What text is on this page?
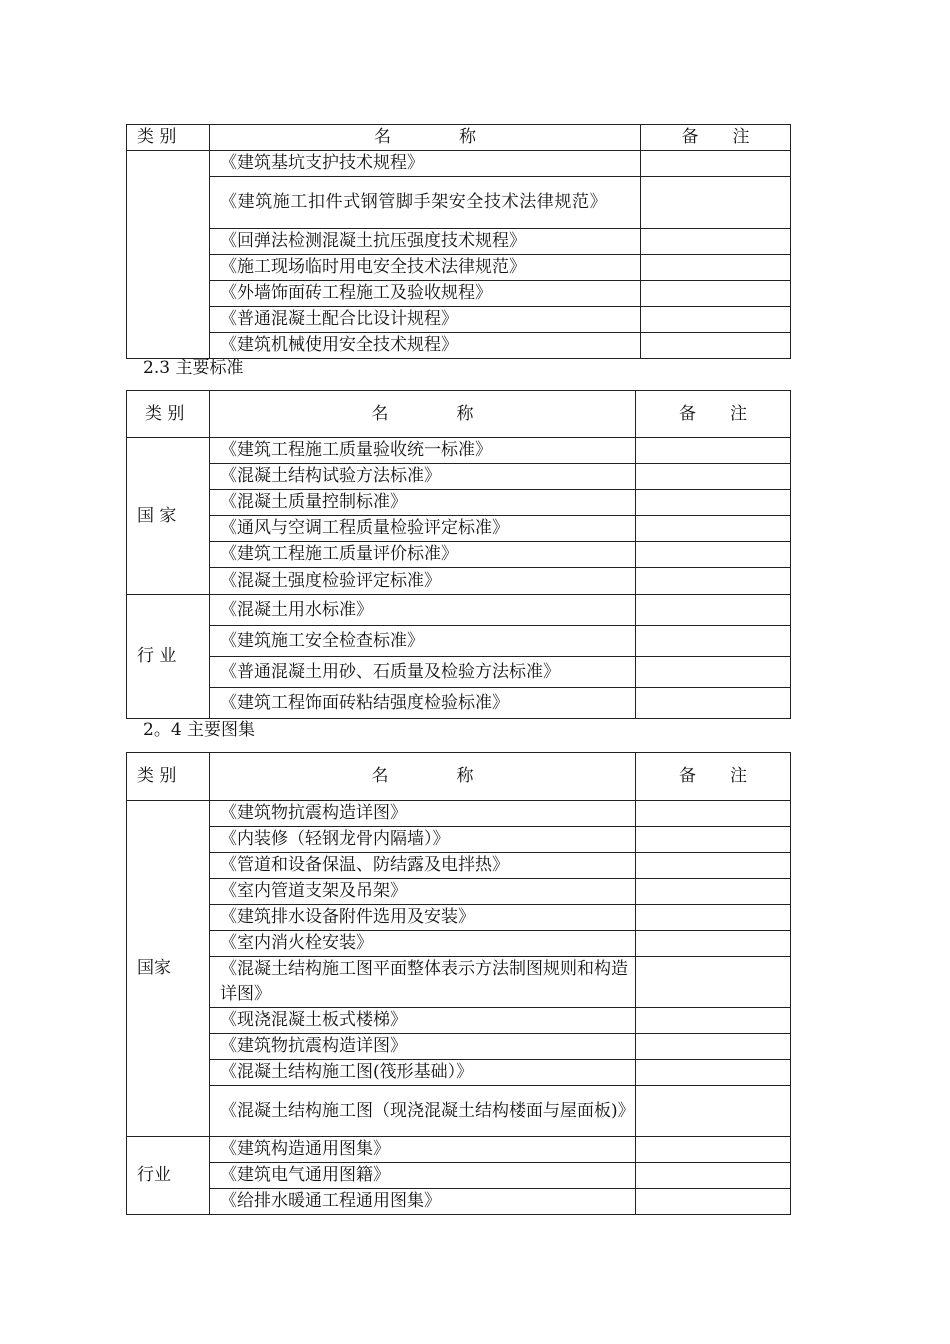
类 别	名　　　　称	备　　注
	《建筑基坑支护技术规程》	
	《建筑施工扣件式钢管脚手架安全技术法律规范》	
	《回弹法检测混凝土抗压强度技术规程》	
	《施工现场临时用电安全技术法律规范》	
	《外墙饰面砖工程施工及验收规程》	
	《普通混凝土配合比设计规程》	
	《建筑机械使用安全技术规程》	
2.3 主要标准
类 别	名　　　　称	备　　注
国 家	《建筑工程施工质量验收统一标准》	
	《混凝土结构试验方法标准》	
	《混凝土质量控制标准》	
	《通风与空调工程质量检验评定标准》	
	《建筑工程施工质量评价标准》	
	《混凝土强度检验评定标准》	
行 业	《混凝土用水标准》	
	《建筑施工安全检查标准》	
	《普通混凝土用砂、石质量及检验方法标准》	
	《建筑工程饰面砖粘结强度检验标准》	
2。4 主要图集
类 别	名　　　　称	备　　注
国家	《建筑物抗震构造详图》	
	《内装修（轻钢龙骨内隔墙）》	
	《管道和设备保温、防结露及电拌热》	
	《室内管道支架及吊架》	
	《建筑排水设备附件选用及安装》	
	《室内消火栓安装》	
	《混凝土结构施工图平面整体表示方法制图规则和构造详图》	
	《现浇混凝土板式楼梯》	
	《建筑物抗震构造详图》	
	《混凝土结构施工图(筏形基础）》	
	《混凝土结构施工图（现浇混凝土结构楼面与屋面板)》	
行业	《建筑构造通用图集》	
	《建筑电气通用图籍》	
	《给排水暖通工程通用图集》	
